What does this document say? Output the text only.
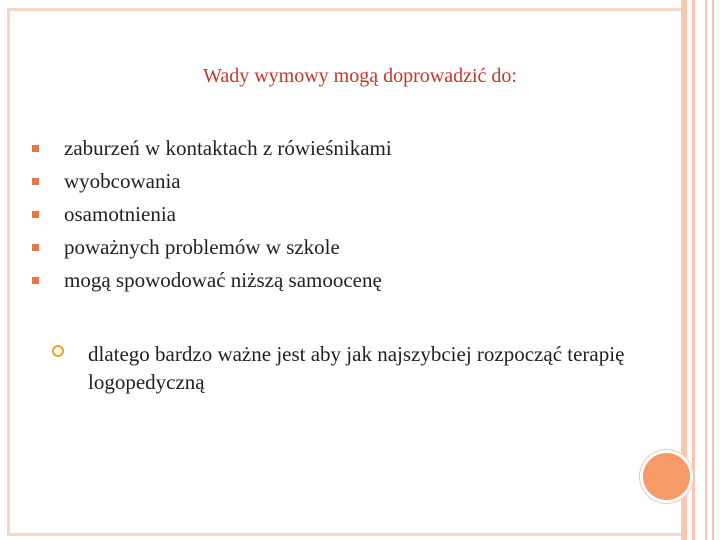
Wady wymowy mogą doprowadzić do:
zaburzeń w kontaktach z rówieśnikami
wyobcowania
osamotnienia
poważnych problemów w szkole
mogą spowodować niższą samoocenę
dlatego bardzo ważne jest aby jak najszybciej rozpocząć terapię logopedyczną
